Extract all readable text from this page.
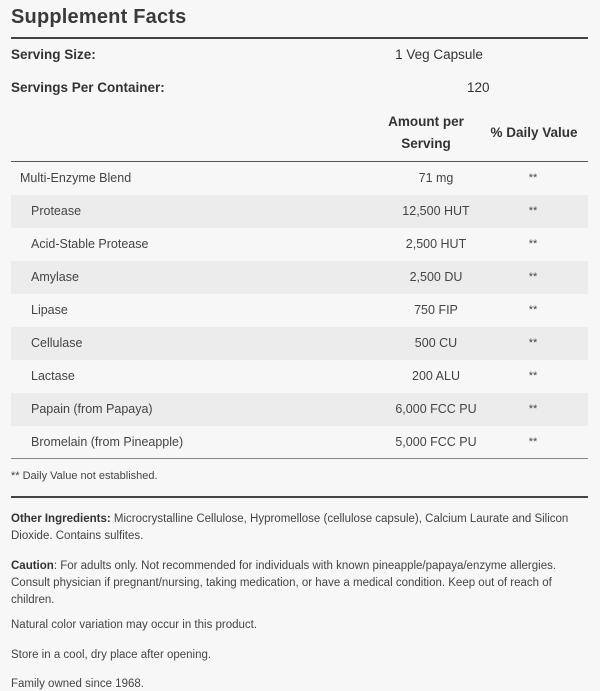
Supplement Facts
Serving Size:	1 Veg Capsule
Servings Per Container:	120
Amount per
Serving
% Daily Value
Multi-Enzyme Blend	71 mg	**
Protease	12,500 HUT	**
Acid-Stable Protease	2,500 HUT	**
Amylase	2,500 DU	**
Lipase	750 FIP	**
Cellulase	500 CU	**
Lactase	200 ALU	**
Papain (from Papaya)	6,000 FCC PU	**
Bromelain (from Pineapple)	5,000 FCC PU	**
** Daily Value not established.
Other Ingredients: Microcrystalline Cellulose, Hypromellose (cellulose capsule), Calcium Laurate and Silicon Dioxide. Contains sulfites.
Caution: For adults only. Not recommended for individuals with known pineapple/papaya/enzyme allergies. Consult physician if pregnant/nursing, taking medication, or have a medical condition. Keep out of reach of children.
Natural color variation may occur in this product.
Store in a cool, dry place after opening.
Family owned since 1968.
